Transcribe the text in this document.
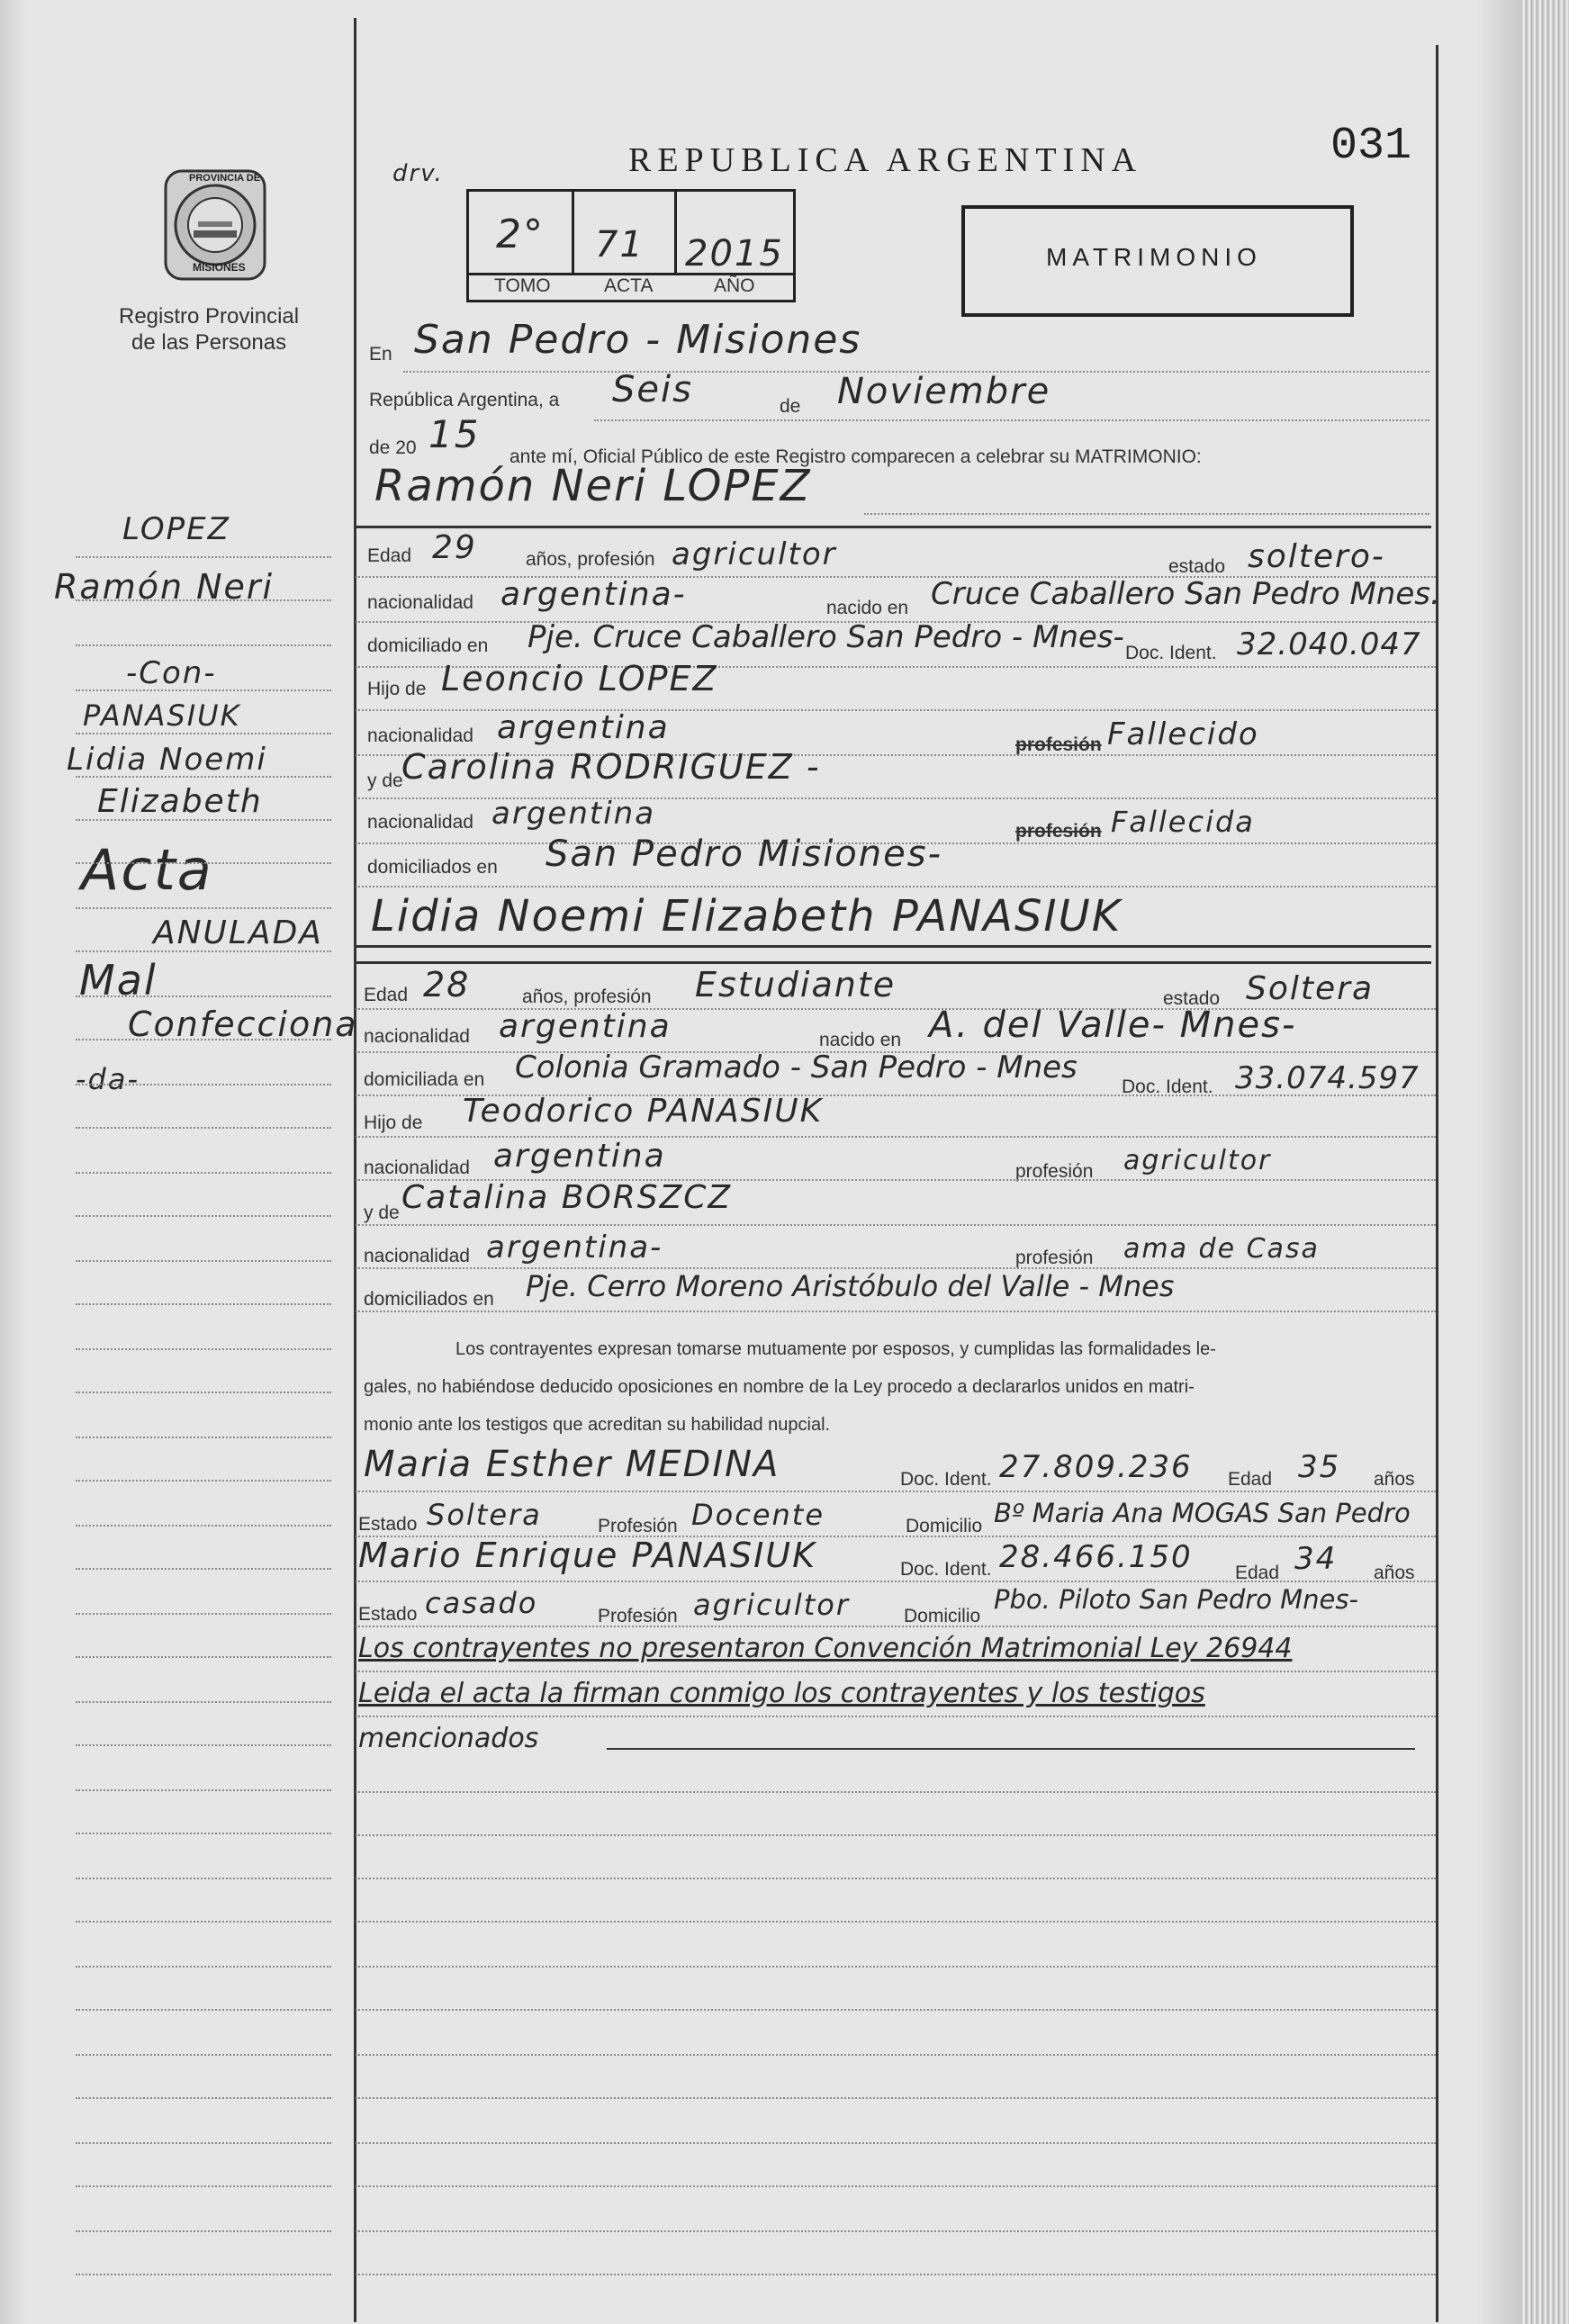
PROVINCIA DE
MISIONES
Registro Provincial
de las Personas
drv.	REPUBLICA ARGENTINA	031
2° 71 2015
TOMO	ACTA	AÑO
MATRIMONIO
LOPEZ
Ramón Neri
-Con-
PANASIUK
Lidia Noemi
Elizabeth
Acta
ANULADA
Mal
Confecciona
-da-
En San Pedro - Misiones
República Argentina, a Seis	de Noviembre
de 20 15
ante mí, Oficial Público de este Registro comparecen a celebrar su MATRIMONIO:
Ramón Neri LOPEZ
Edad 29	años, profesión agricultor	estado soltero-
nacionalidad argentina-	nacido en Cruce Caballero San Pedro Mnes.
domiciliado en Pje. Cruce Caballero San Pedro - Mnes- Doc. Ident. 32.040.047
Hijo de Leoncio LOPEZ
nacionalidad argentina	profesión Fallecido
y de
Carolina RODRIGUEZ -
nacionalidad argentina	profesión Fallecida
domiciliados en San Pedro Misiones-
Lidia Noemi Elizabeth PANASIUK
Edad 28	años, profesión Estudiante	estado Soltera
nacionalidad argentina	nacido en A. del Valle- Mnes-
domiciliada en Colonia Gramado - San Pedro - Mnes
Doc. Ident. 33.074.597
Hijo de Teodorico PANASIUK
nacionalidad argentina	profesión agricultor
y de Catalina BORSZCZ
nacionalidad argentina-	profesión ama de Casa
domiciliados en Pje. Cerro Moreno Aristóbulo del Valle - Mnes
Los contrayentes expresan tomarse mutuamente por esposos, y cumplidas las formalidades le-
gales, no habiéndose deducido oposiciones en nombre de la Ley procedo a declararlos unidos en matri-
monio ante los testigos que acreditan su habilidad nupcial.
Maria Esther MEDINA	Doc. Ident. 27.809.236 Edad 35 años
Estado Soltera	Profesión Docente	Domicilio Bº Maria Ana MOGAS San Pedro
Mario Enrique PANASIUK	Doc. Ident. 28.466.150 Edad 34 años
Estado casado	Profesión agricultor	Domicilio
Pbo. Piloto San Pedro Mnes-
Los contrayentes no presentaron Convención Matrimonial Ley 26944
Leida el acta la firman conmigo los contrayentes y los testigos
mencionados
